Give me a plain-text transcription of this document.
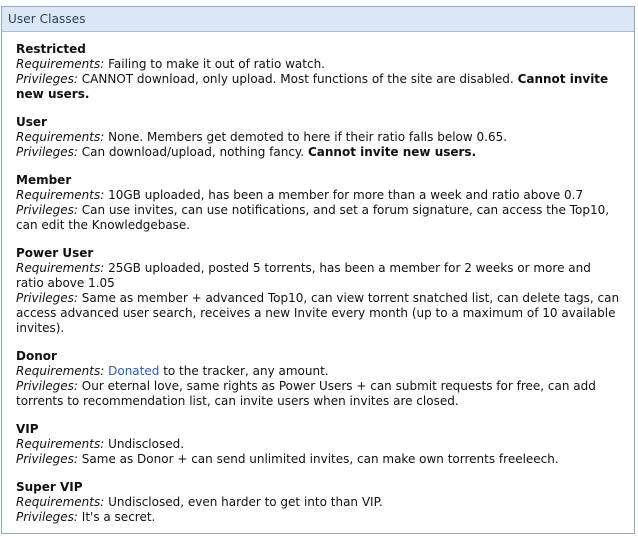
User Classes
Restricted
Requirements: Failing to make it out of ratio watch.
Privileges: CANNOT download, only upload. Most functions of the site are disabled. Cannot invite new users.
User
Requirements: None. Members get demoted to here if their ratio falls below 0.65.
Privileges: Can download/upload, nothing fancy. Cannot invite new users.
Member
Requirements: 10GB uploaded, has been a member for more than a week and ratio above 0.7
Privileges: Can use invites, can use notifications, and set a forum signature, can access the Top10, can edit the Knowledgebase.
Power User
Requirements: 25GB uploaded, posted 5 torrents, has been a member for 2 weeks or more and ratio above 1.05
Privileges: Same as member + advanced Top10, can view torrent snatched list, can delete tags, can access advanced user search, receives a new Invite every month (up to a maximum of 10 available invites).
Donor
Requirements: Donated to the tracker, any amount.
Privileges: Our eternal love, same rights as Power Users + can submit requests for free, can add torrents to recommendation list, can invite users when invites are closed.
VIP
Requirements: Undisclosed.
Privileges: Same as Donor + can send unlimited invites, can make own torrents freeleech.
Super VIP
Requirements: Undisclosed, even harder to get into than VIP.
Privileges: It's a secret.
